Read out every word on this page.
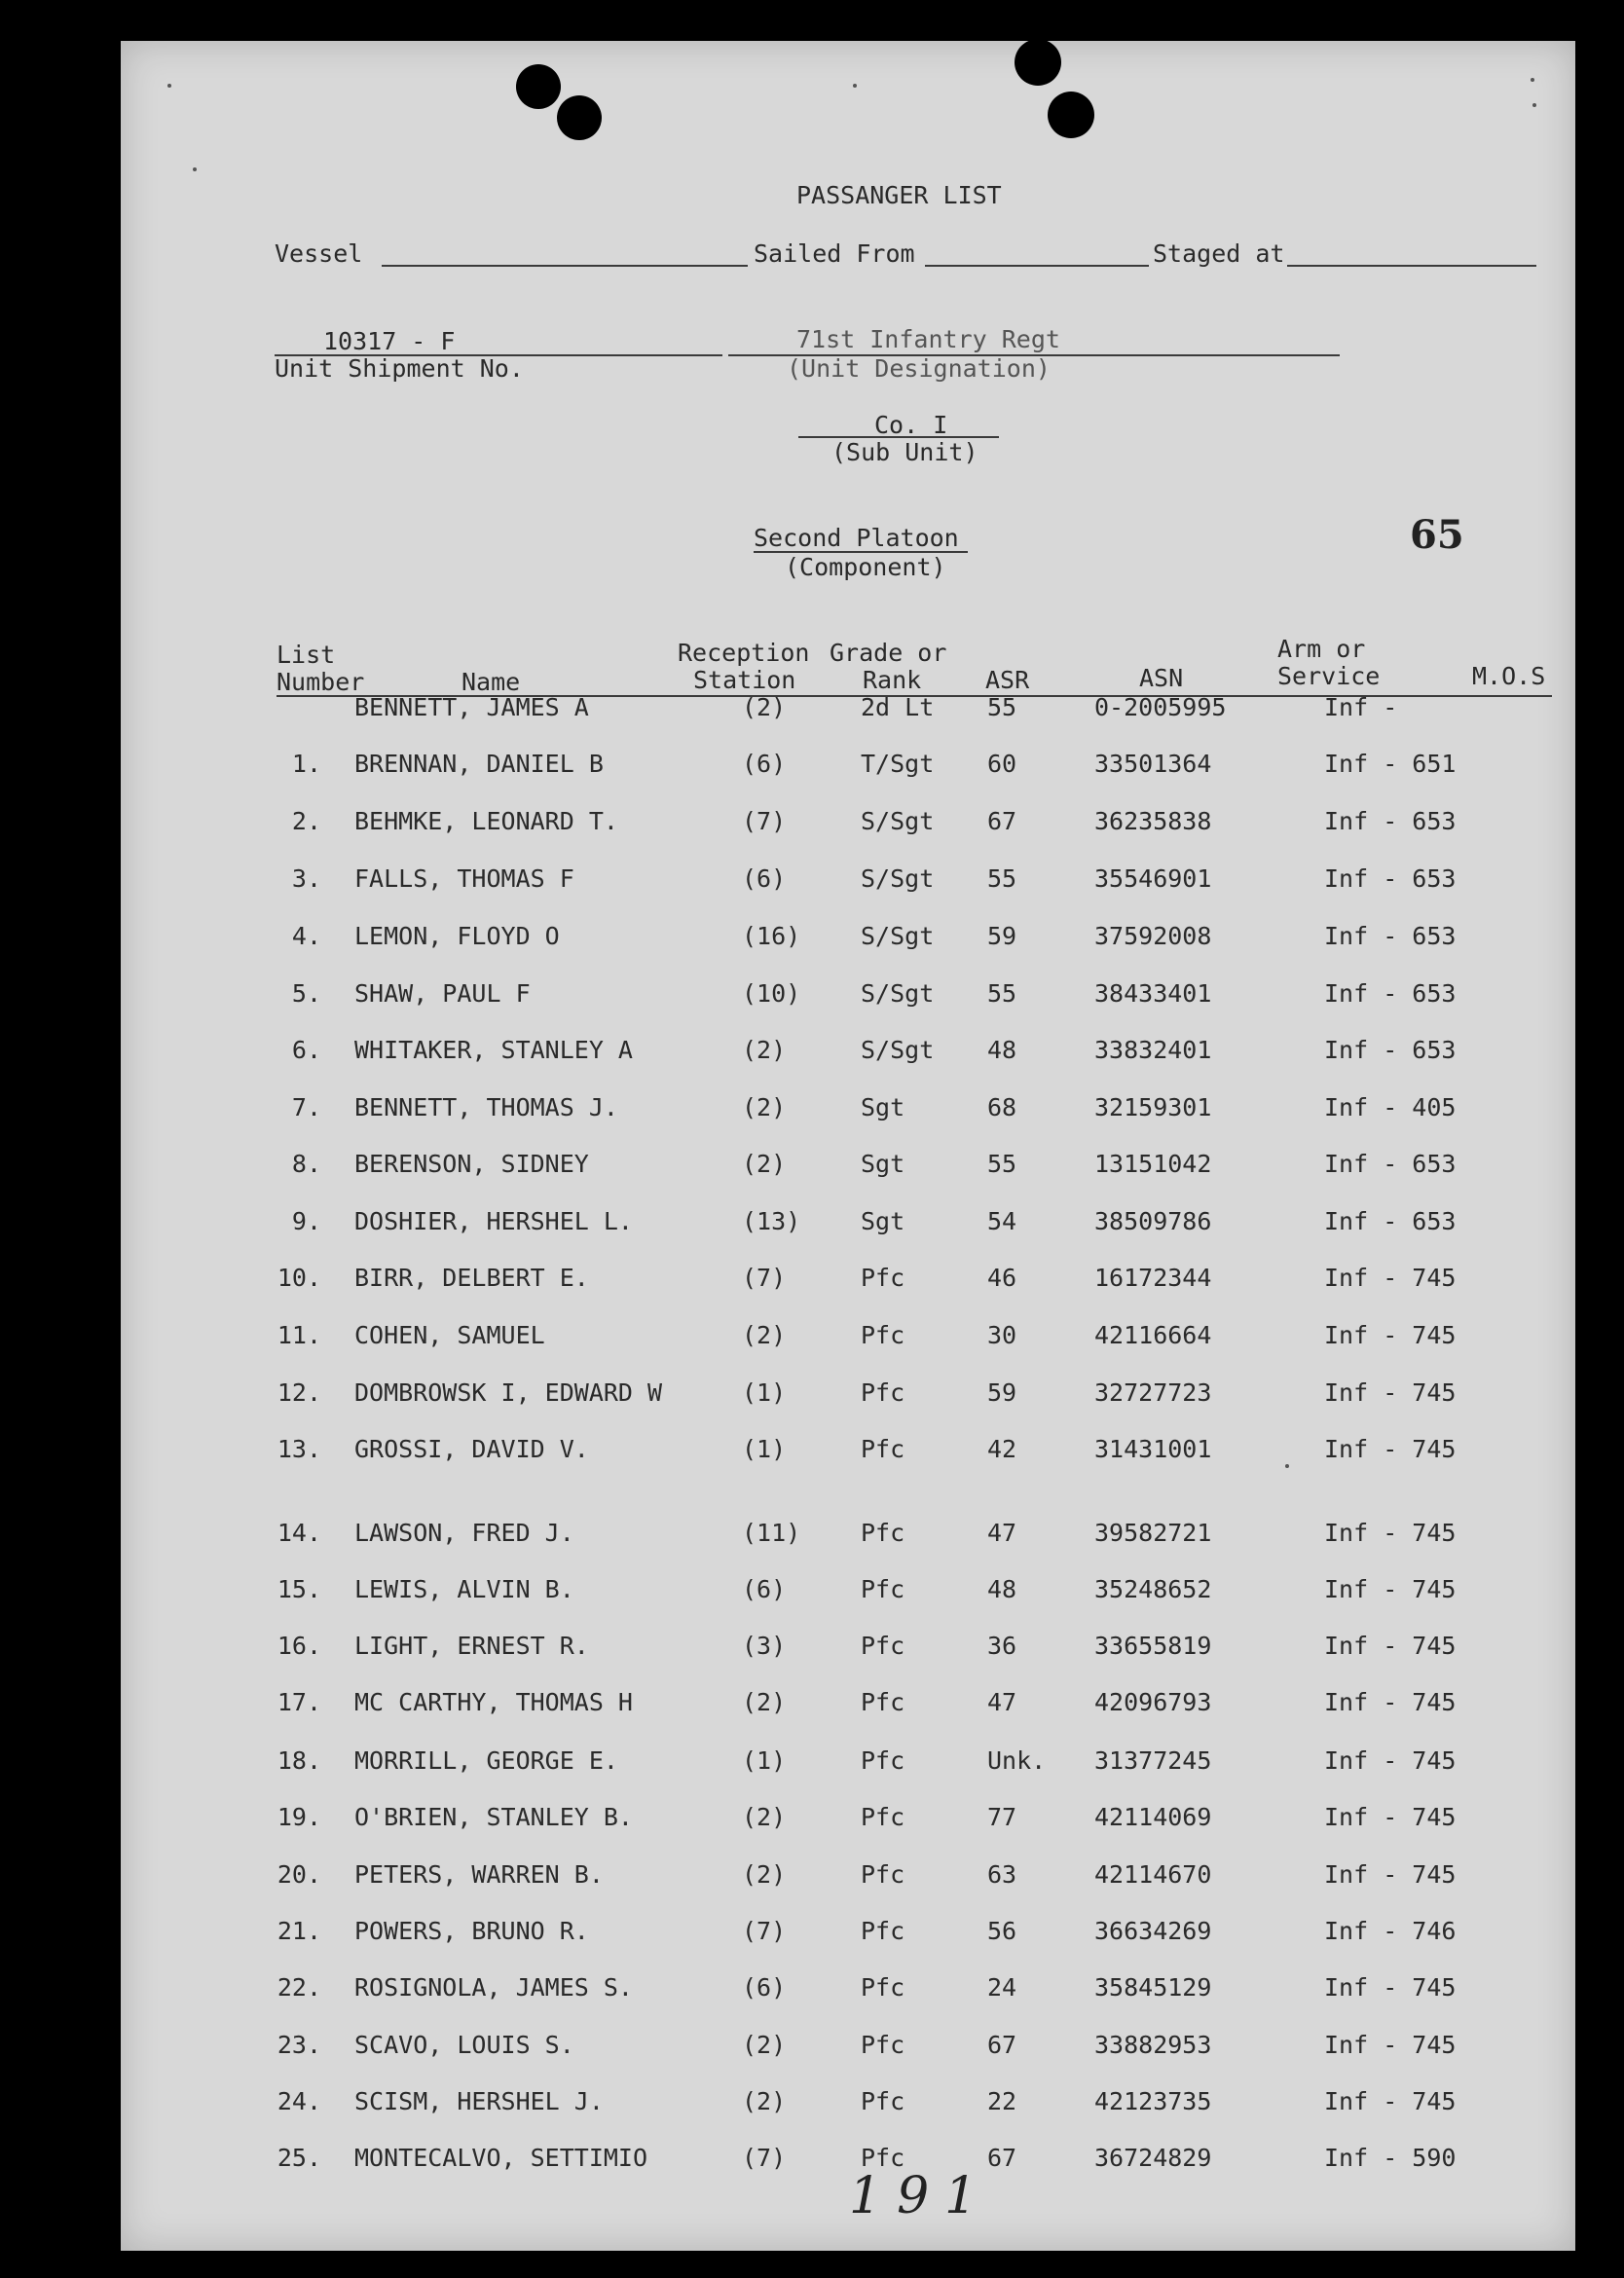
PASSANGER LIST
Vessel	Sailed From	Staged at
10317 - F	71st Infantry Regt
Unit Shipment No.	(Unit Designation)
Co. I
(Sub Unit)
Second Platoon
(Component)
65
List
Number	Name
Reception
Station
Grade or
Rank	ASR	ASN
Arm or
Service	M.O.S
BENNETT, JAMES A	(2)	2d Lt 55	0-2005995	Inf -
1. BRENNAN, DANIEL B	(6)	T/Sgt 60	33501364	Inf - 651
2. BEHMKE, LEONARD T.	(7)	S/Sgt 67	36235838	Inf - 653
3. FALLS, THOMAS F	(6)	S/Sgt 55	35546901	Inf - 653
4. LEMON, FLOYD O	(16) S/Sgt 59	37592008	Inf - 653
5. SHAW, PAUL F	(10) S/Sgt 55	38433401	Inf - 653
6. WHITAKER, STANLEY A	(2)	S/Sgt 48	33832401	Inf - 653
7. BENNETT, THOMAS J.	(2)	Sgt	68	32159301	Inf - 405
8. BERENSON, SIDNEY	(2)	Sgt	55	13151042	Inf - 653
9. DOSHIER, HERSHEL L.	(13) Sgt	54	38509786	Inf - 653
10. BIRR, DELBERT E.	(7)	Pfc	46	16172344	Inf - 745
11. COHEN, SAMUEL	(2)	Pfc	30	42116664	Inf - 745
12. DOMBROWSK I, EDWARD W	(1)	Pfc	59	32727723	Inf - 745
13. GROSSI, DAVID V.	(1)	Pfc	42	31431001	Inf - 745
14. LAWSON, FRED J.	(11) Pfc	47	39582721	Inf - 745
15. LEWIS, ALVIN B.	(6)	Pfc	48	35248652	Inf - 745
16. LIGHT, ERNEST R.	(3)	Pfc	36	33655819	Inf - 745
17. MC CARTHY, THOMAS H	(2)	Pfc	47	42096793	Inf - 745
18. MORRILL, GEORGE E.	(1)	Pfc	Unk. 31377245	Inf - 745
19. O'BRIEN, STANLEY B.	(2)	Pfc	77	42114069	Inf - 745
20. PETERS, WARREN B.	(2)	Pfc	63	42114670	Inf - 745
21. POWERS, BRUNO R.	(7)	Pfc	56	36634269	Inf - 746
22. ROSIGNOLA, JAMES S.	(6)	Pfc	24	35845129	Inf - 745
23. SCAVO, LOUIS S.	(2)	Pfc	67	33882953	Inf - 745
24. SCISM, HERSHEL J.	(2)	Pfc	22	42123735	Inf - 745
25. MONTECALVO, SETTIMIO	(7)	Pfc	67	36724829	Inf - 590
191
